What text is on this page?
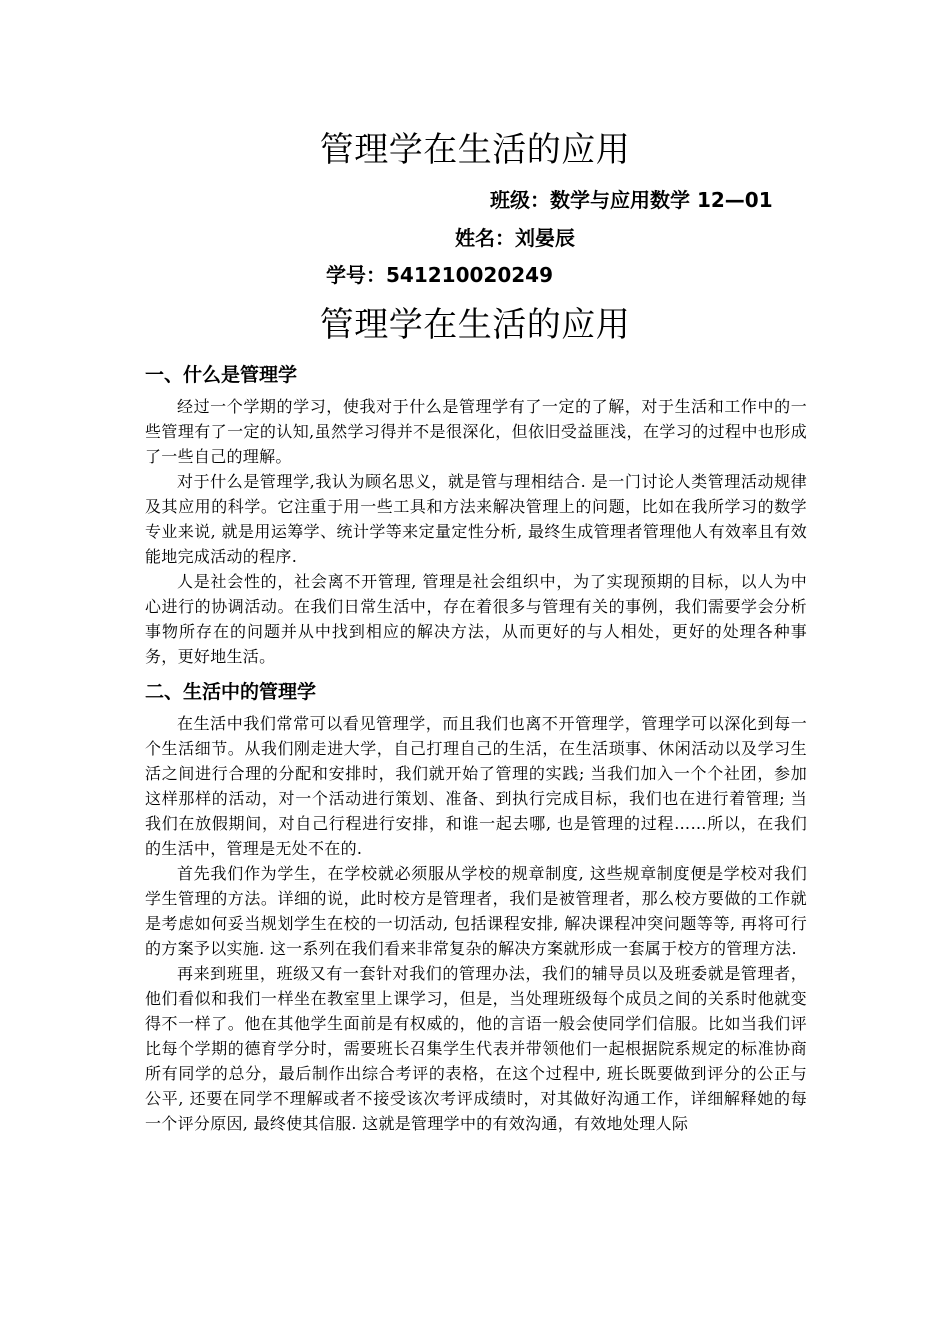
管理学在生活的应用
班级：数学与应用数学 12—01
姓名：刘晏辰
学号：541210020249
管理学在生活的应用
一、什么是管理学

经过一个学期的学习，使我对于什么是管理学有了一定的了解，对于生活和工作中的一些管理有了一定的认知,虽然学习得并不是很深化，但依旧受益匪浅，在学习的过程中也形成了一些自己的理解。

对于什么是管理学,我认为顾名思义，就是管与理相结合. 是一门讨论人类管理活动规律及其应用的科学。它注重于用一些工具和方法来解决管理上的问题，比如在我所学习的数学专业来说, 就是用运筹学、统计学等来定量定性分析, 最终生成管理者管理他人有效率且有效能地完成活动的程序.

人是社会性的，社会离不开管理, 管理是社会组织中，为了实现预期的目标，以人为中心进行的协调活动。在我们日常生活中，存在着很多与管理有关的事例，我们需要学会分析事物所存在的问题并从中找到相应的解决方法，从而更好的与人相处，更好的处理各种事务，更好地生活。

二、生活中的管理学

在生活中我们常常可以看见管理学，而且我们也离不开管理学，管理学可以深化到每一个生活细节。从我们刚走进大学，自己打理自己的生活，在生活琐事、休闲活动以及学习生活之间进行合理的分配和安排时，我们就开始了管理的实践; 当我们加入一个个社团，参加这样那样的活动，对一个活动进行策划、准备、到执行完成目标，我们也在进行着管理; 当我们在放假期间，对自己行程进行安排，和谁一起去哪, 也是管理的过程……所以，在我们的生活中，管理是无处不在的.

首先我们作为学生，在学校就必须服从学校的规章制度, 这些规章制度便是学校对我们学生管理的方法。详细的说，此时校方是管理者，我们是被管理者，那么校方要做的工作就是考虑如何妥当规划学生在校的一切活动, 包括课程安排, 解决课程冲突问题等等, 再将可行的方案予以实施. 这一系列在我们看来非常复杂的解决方案就形成一套属于校方的管理方法.

再来到班里，班级又有一套针对我们的管理办法，我们的辅导员以及班委就是管理者，他们看似和我们一样坐在教室里上课学习，但是，当处理班级每个成员之间的关系时他就变得不一样了。他在其他学生面前是有权威的，他的言语一般会使同学们信服。比如当我们评比每个学期的德育学分时，需要班长召集学生代表并带领他们一起根据院系规定的标准协商所有同学的总分，最后制作出综合考评的表格，在这个过程中, 班长既要做到评分的公正与公平, 还要在同学不理解或者不接受该次考评成绩时，对其做好沟通工作，详细解释她的每一个评分原因, 最终使其信服. 这就是管理学中的有效沟通，有效地处理人际
